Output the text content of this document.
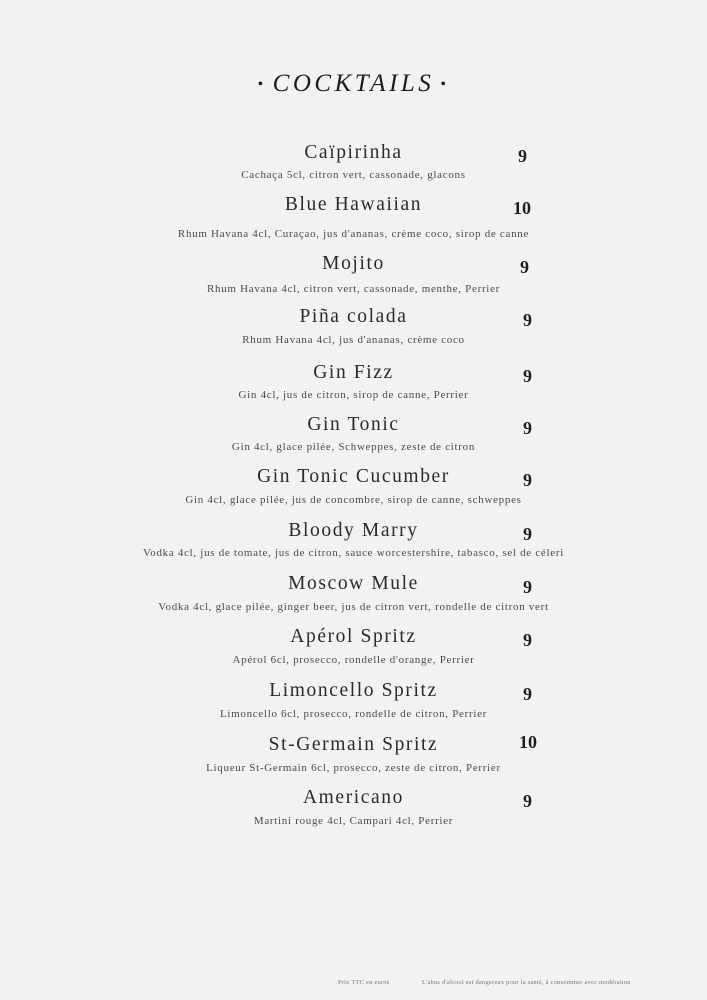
• COCKTAILS •
Caïpirinha	9
Cachaça 5cl, citron vert, cassonade, glacons
Blue Hawaiian	10
Rhum Havana 4cl, Curaçao, jus d'ananas, crème coco, sirop de canne
Mojito	9
Rhum Havana 4cl, citron vert, cassonade, menthe, Perrier
Piña colada	9
Rhum Havana 4cl, jus d'ananas, crème coco
Gin Fizz	9
Gin 4cl, jus de citron, sirop de canne, Perrier
Gin Tonic	9
Gin 4cl, glace pilée, Schweppes, zeste de citron
Gin Tonic Cucumber	9
Gin 4cl, glace pilée, jus de concombre, sirop de canne, schweppes
Bloody Marry	9
Vodka 4cl, jus de tomate, jus de citron, sauce worcestershire, tabasco, sel de céleri
Moscow Mule	9
Vodka 4cl, glace pilée, ginger beer, jus de citron vert, rondelle de citron vert
Apérol Spritz	9
Apérol 6cl, prosecco, rondelle d'orange, Perrier
Limoncello Spritz	9
Limoncello 6cl, prosecco, rondelle de citron, Perrier
St-Germain Spritz	10
Liqueur St-Germain 6cl, prosecco, zeste de citron, Perrier
Americano	9
Martini rouge 4cl, Campari 4cl, Perrier
Prix TTC en euros	L'abus d'alcool est dangereux pour la santé, à consommer avec modération
